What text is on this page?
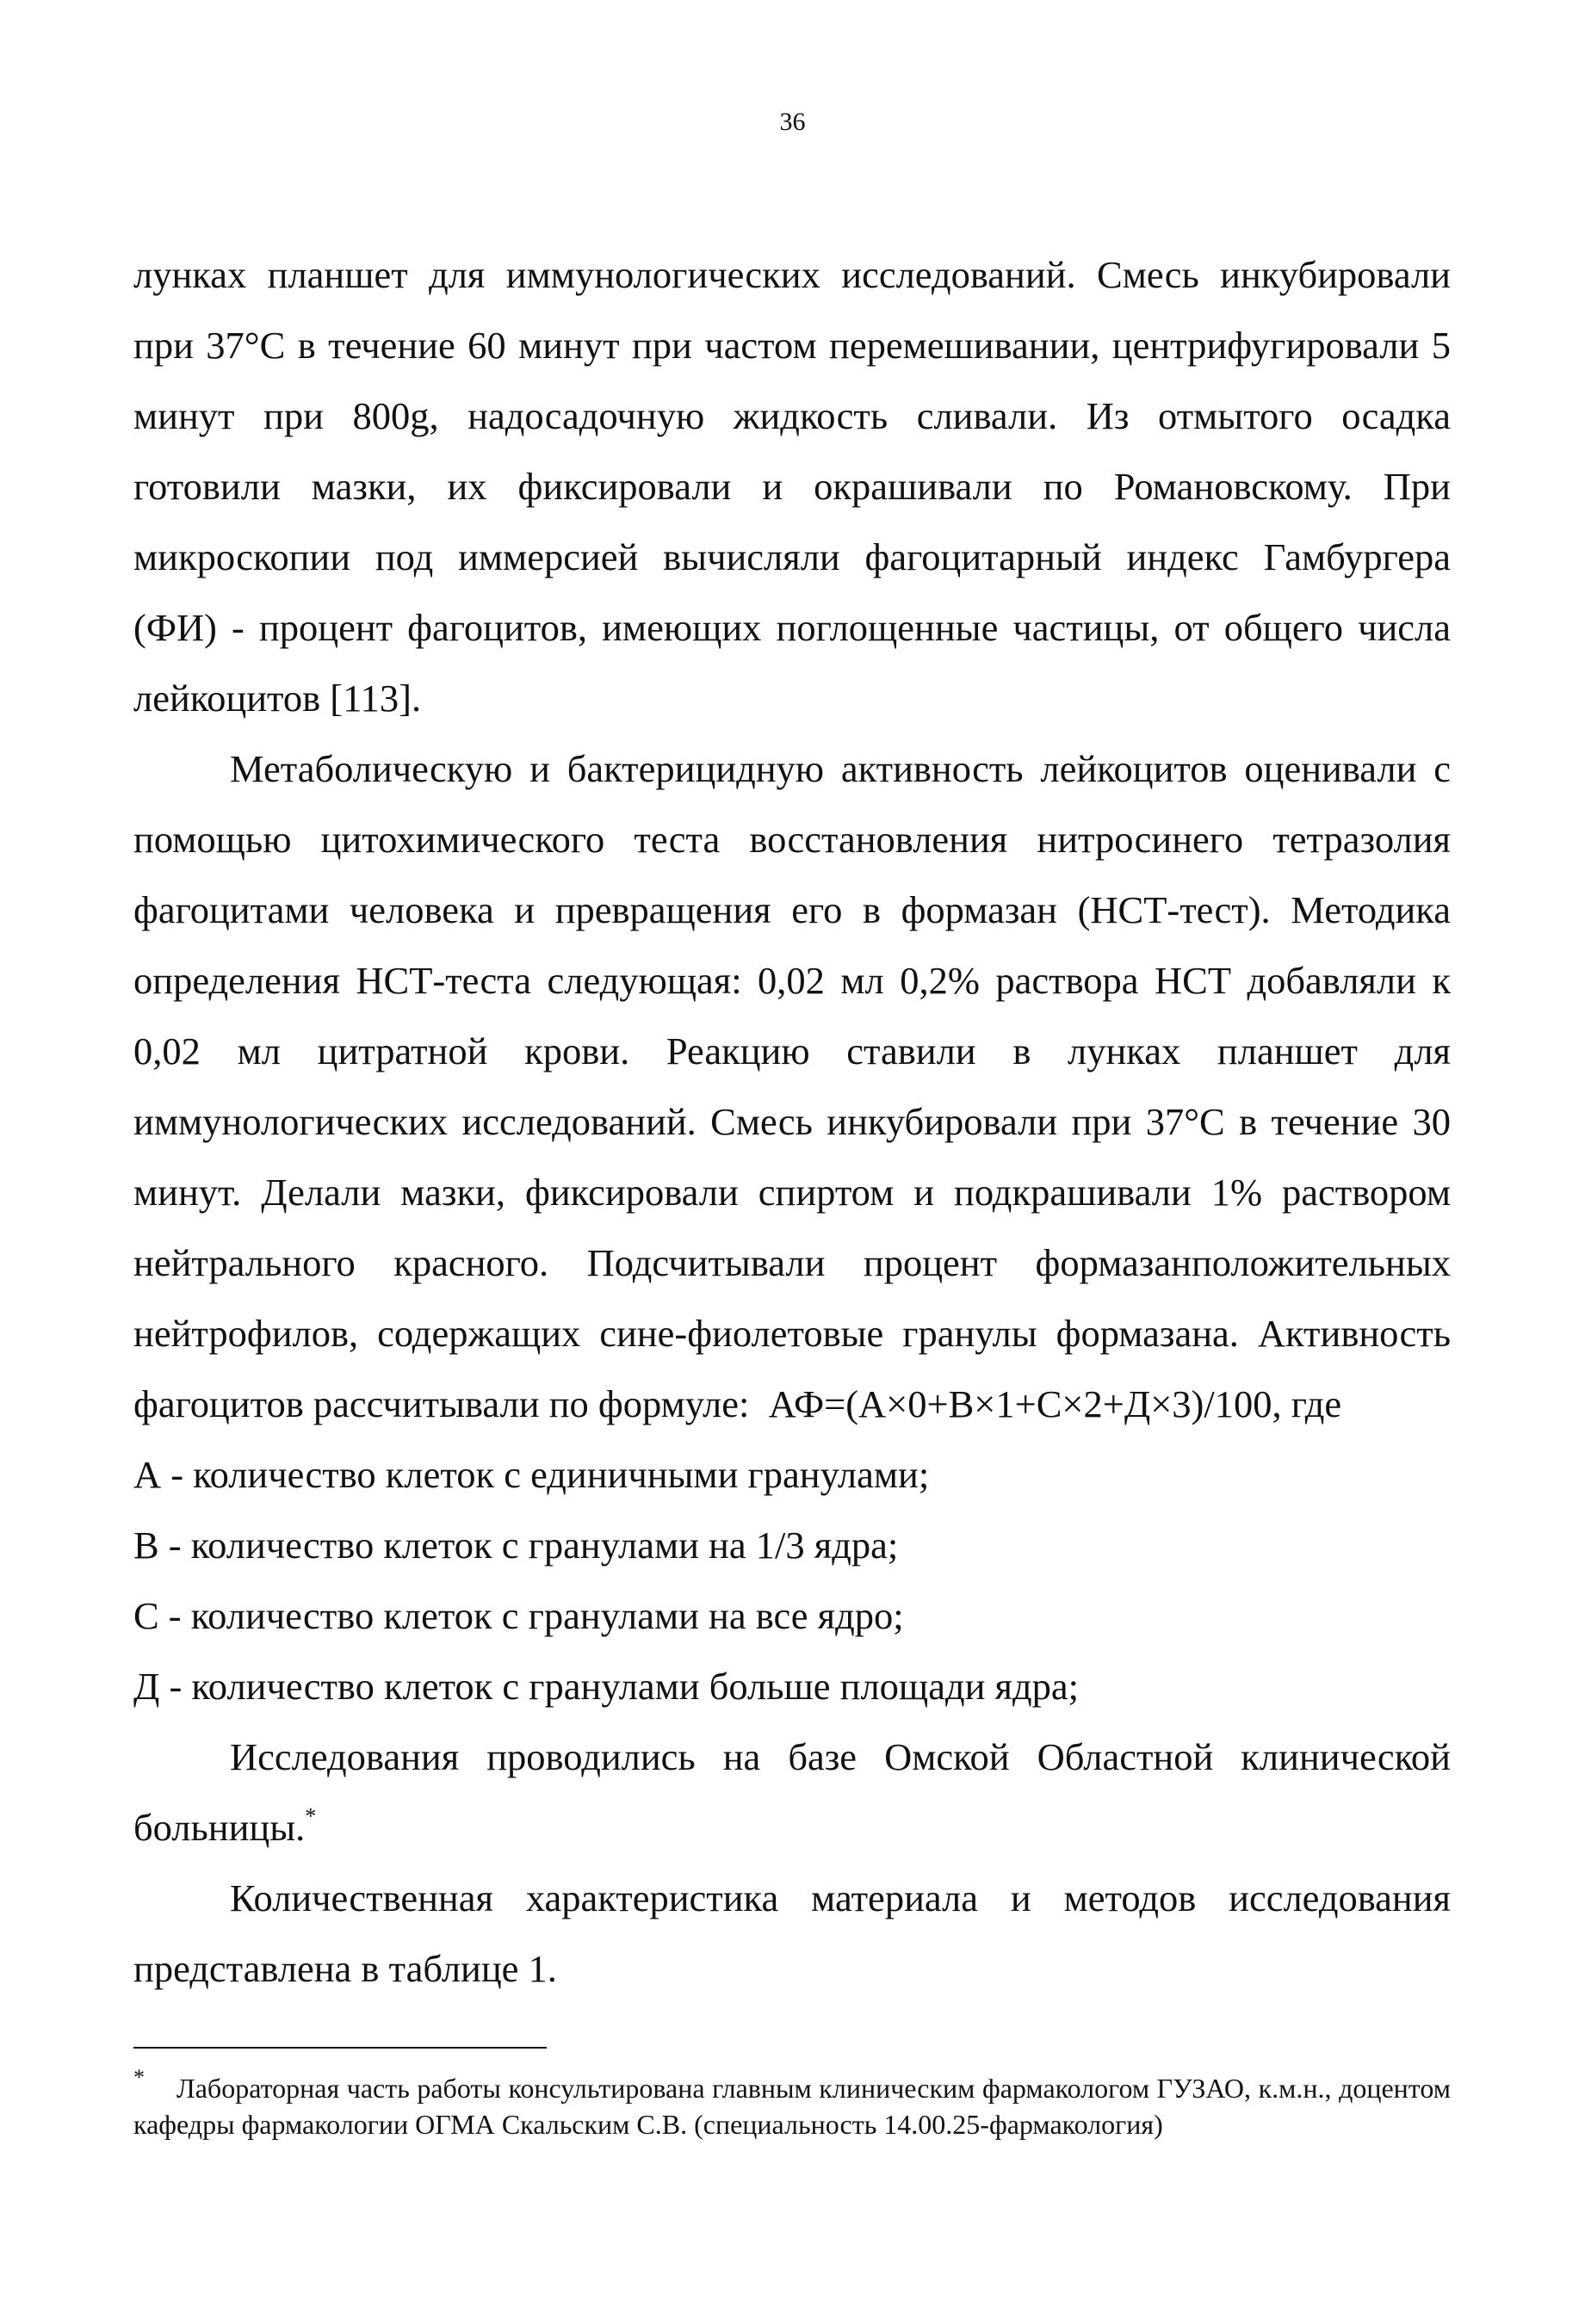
36

лунках планшет для иммунологических исследований. Смесь инкубировали при 37°С в течение 60 минут при частом перемешивании, центрифугировали 5 минут при 800g, надосадочную жидкость сливали. Из отмытого осадка готовили мазки, их фиксировали и окрашивали по Романовскому. При микроскопии под иммерсией вычисляли фагоцитарный индекс Гамбургера (ФИ) - процент фагоцитов, имеющих поглощенные частицы, от общего числа лейкоцитов [113].

Метаболическую и бактерицидную активность лейкоцитов оценивали с помощью цитохимического теста восстановления нитросинего тетразолия фагоцитами человека и превращения его в формазан (НСТ-тест). Методика определения НСТ-теста следующая: 0,02 мл 0,2% раствора НСТ добавляли к 0,02 мл цитратной крови. Реакцию ставили в лунках планшет для иммунологических исследований. Смесь инкубировали при 37°С в течение 30 минут. Делали мазки, фиксировали спиртом и подкрашивали 1% раствором нейтрального красного. Подсчитывали процент формазанположительных нейтрофилов, содержащих сине-фиолетовые гранулы формазана. Активность фагоцитов рассчитывали по формуле: АФ=(А×0+В×1+С×2+Д×3)/100, где

А - количество клеток с единичными гранулами;

В - количество клеток с гранулами на 1/3 ядра;

С - количество клеток с гранулами на все ядро;

Д - количество клеток с гранулами больше площади ядра;

Исследования проводились на базе Омской Областной клинической больницы.*

Количественная характеристика материала и методов исследования представлена в таблице 1.

* Лабораторная часть работы консультирована главным клиническим фармакологом ГУЗАО, к.м.н., доцентом кафедры фармакологии ОГМА Скальским С.В. (специальность 14.00.25-фармакология)
